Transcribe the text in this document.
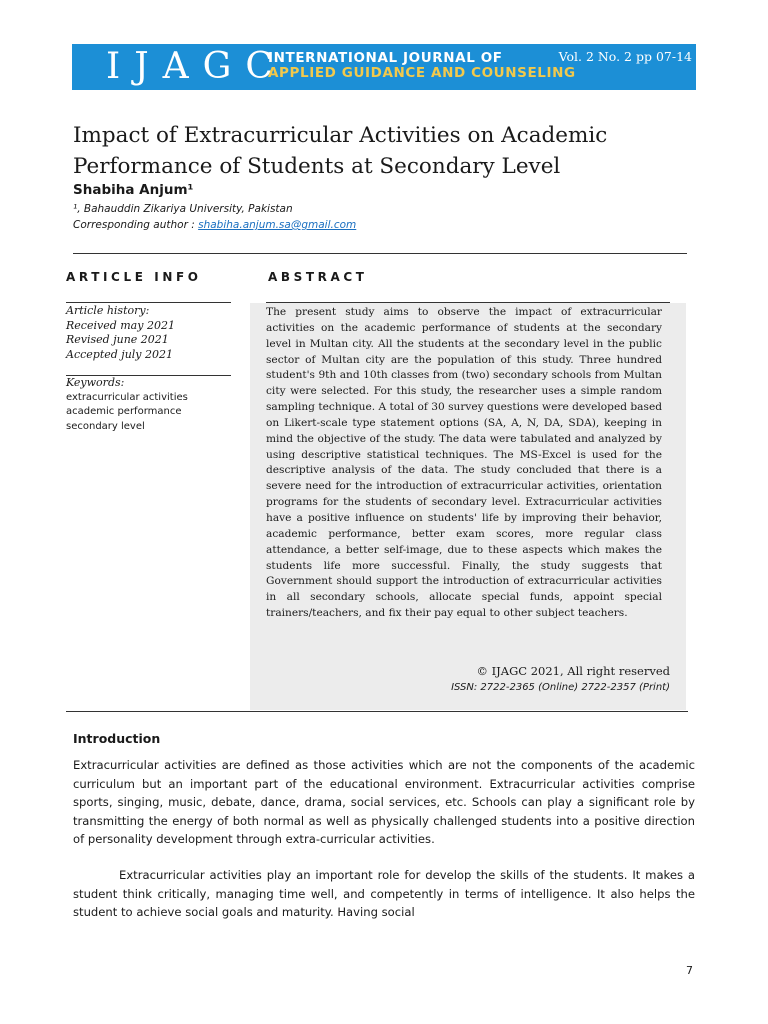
IJAGC
INTERNATIONAL JOURNAL OF
APPLIED GUIDANCE AND COUNSELING
Vol. 2 No. 2 pp 07-14
Impact of Extracurricular Activities on Academic Performance of Students at Secondary Level
Shabiha Anjum¹
¹, Bahauddin Zikariya University, Pakistan
Corresponding author : shabiha.anjum.sa@gmail.com
ARTICLE INFO	ABSTRACT
Article history:
Received may 2021
Revised june 2021
Accepted july 2021
Keywords:
extracurricular activities
academic performance
secondary level

The present study aims to observe the impact of extracurricular activities on the academic performance of students at the secondary level in Multan city. All the students at the secondary level in the public sector of Multan city are the population of this study. Three hundred student's 9th and 10th classes from (two) secondary schools from Multan city were selected. For this study, the researcher uses a simple random sampling technique. A total of 30 survey questions were developed based on Likert-scale type statement options (SA, A, N, DA, SDA), keeping in mind the objective of the study. The data were tabulated and analyzed by using descriptive statistical techniques. The MS-Excel is used for the descriptive analysis of the data. The study concluded that there is a severe need for the introduction of extracurricular activities, orientation programs for the students of secondary level. Extracurricular activities have a positive influence on students' life by improving their behavior, academic performance, better exam scores, more regular class attendance, a better self-image, due to these aspects which makes the students life more successful. Finally, the study suggests that Government should support the introduction of extracurricular activities in all secondary schools, allocate special funds, appoint special trainers/teachers, and fix their pay equal to other subject teachers.

© IJAGC 2021, All right reserved
ISSN: 2722-2365 (Online) 2722-2357 (Print)
Introduction

Extracurricular activities are defined as those activities which are not the components of the academic curriculum but an important part of the educational environment. Extracurricular activities comprise sports, singing, music, debate, dance, drama, social services, etc. Schools can play a significant role by transmitting the energy of both normal as well as physically challenged students into a positive direction of personality development through extra-curricular activities.

Extracurricular activities play an important role for develop the skills of the students. It makes a student think critically, managing time well, and competently in terms of intelligence. It also helps the student to achieve social goals and maturity. Having social

7
